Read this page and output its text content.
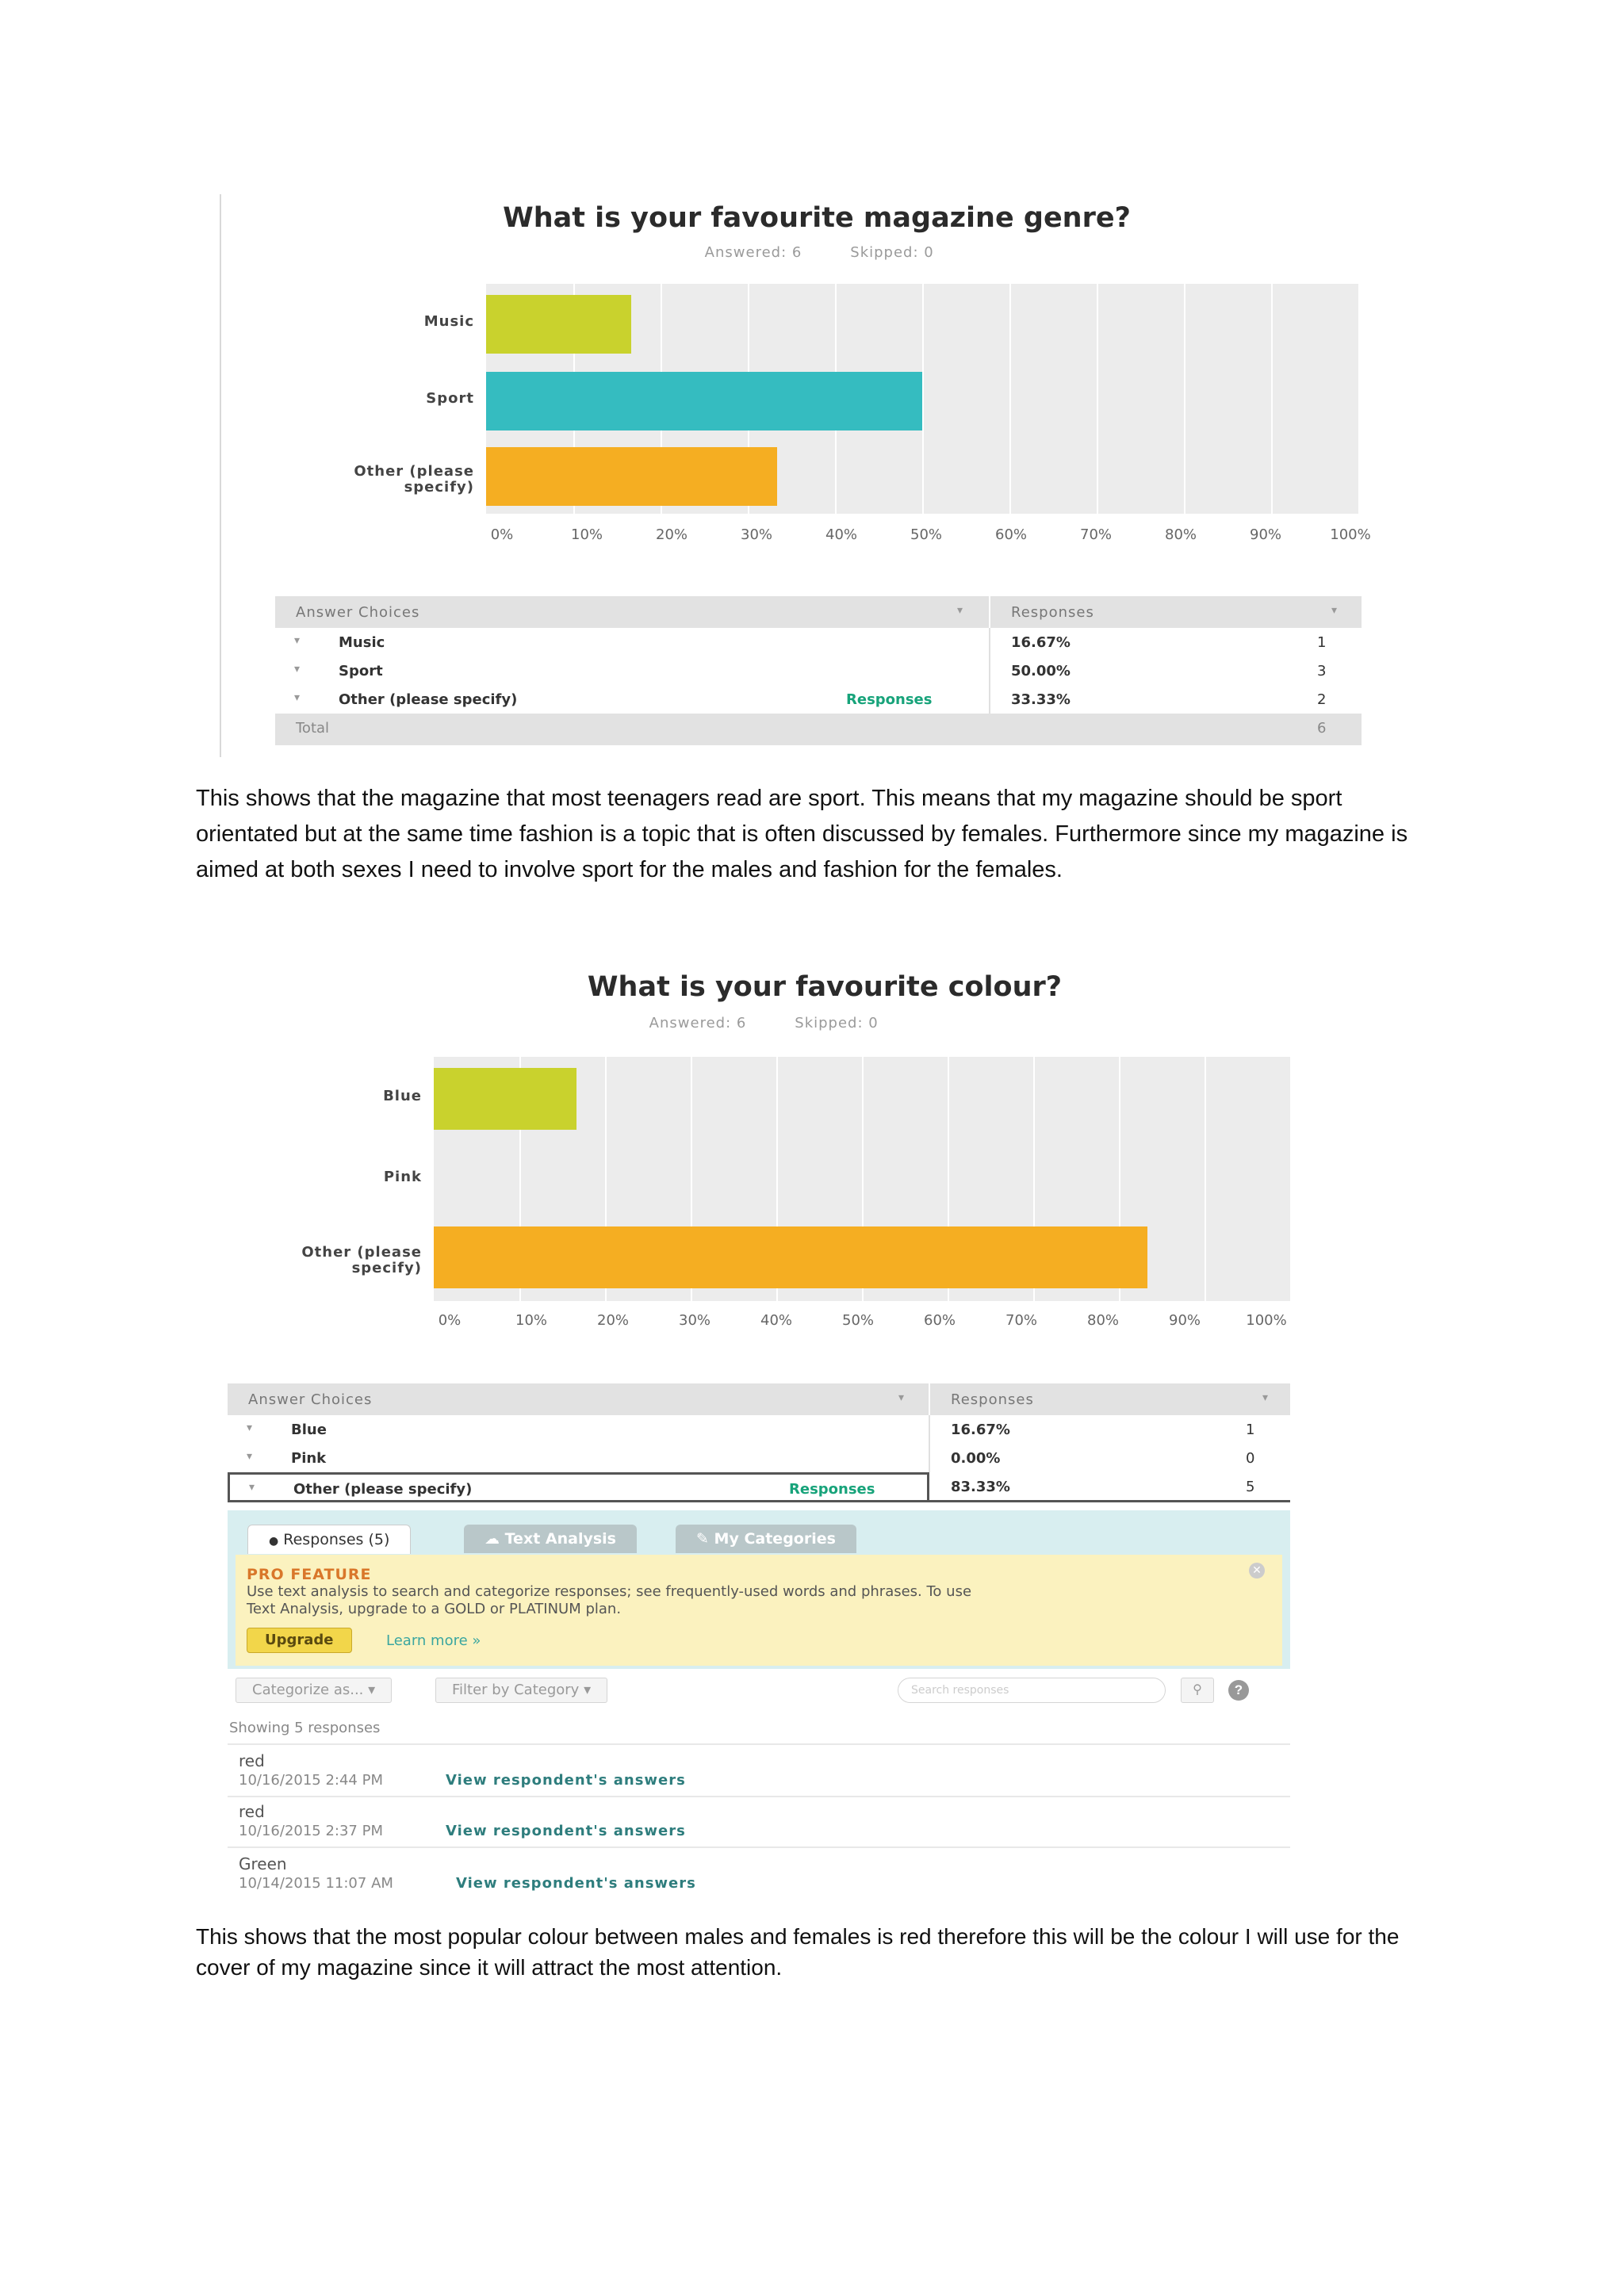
What is your favourite magazine genre?
Answered: 6	Skipped: 0
Music
Sport
Other (please specify)
0%	10%	20%	30%	40%	50%	60%	70%	80%	90%	100%
Answer Choices	▾	Responses	▾
▾	Music	16.67%	1
▾	Sport	50.00%	3
▾	Other (please specify)	Responses	33.33%	2
Total	6
This shows that the magazine that most teenagers read are sport. This means that my magazine should be sport orientated but at the same time fashion is a topic that is often discussed by females. Furthermore since my magazine is aimed at both sexes I need to involve sport for the males and fashion for the females.
What is your favourite colour?
Answered: 6	Skipped: 0
Blue
Pink
Other (please specify)
0%	10%	20%	30%	40%	50%	60%	70%	80%	90%	100%
Answer Choices	▾	Responses	▾
▾	Blue	16.67%	1
▾	Pink	0.00%	0
▾	Other (please specify)	Responses	83.33%	5
● Responses (5)	☁ Text Analysis	✎ My Categories
PRO FEATURE
Use text analysis to search and categorize responses; see frequently-used words and phrases. To use
Text Analysis, upgrade to a GOLD or PLATINUM plan.
Upgrade	Learn more »
✕
Categorize as... ▾	Filter by Category ▾	Search responses	⚲	?
Showing 5 responses
red
10/16/2015 2:44 PM	View respondent's answers
red
10/16/2015 2:37 PM	View respondent's answers
Green
10/14/2015 11:07 AM	View respondent's answers
This shows that the most popular colour between males and females is red therefore this will be the colour I will use for the cover of my magazine since it will attract the most attention.
